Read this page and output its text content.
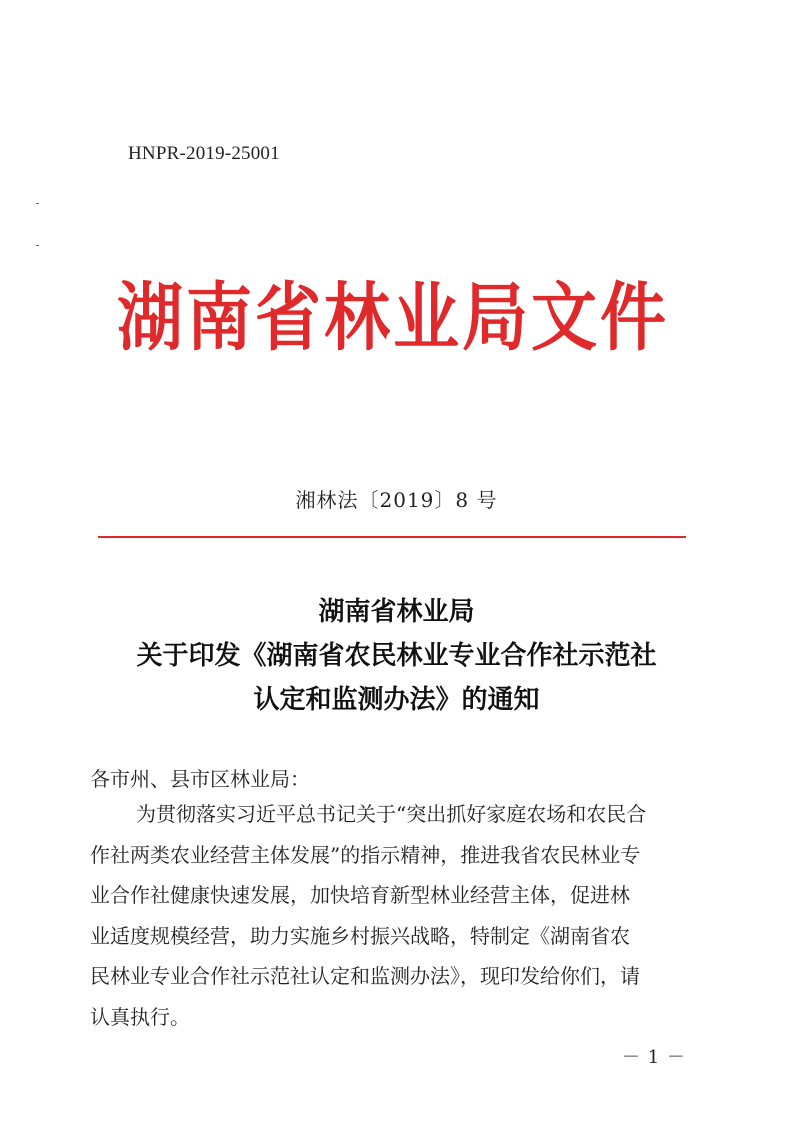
HNPR-2019-25001
湖南省林业局文件
湘林法〔2019〕8 号
湖南省林业局
关于印发《湖南省农民林业专业合作社示范社
认定和监测办法》的通知
各市州、县市区林业局：
为贯彻落实习近平总书记关于“突出抓好家庭农场和农民合
作社两类农业经营主体发展”的指示精神，推进我省农民林业专
业合作社健康快速发展，加快培育新型林业经营主体，促进林
业适度规模经营，助力实施乡村振兴战略，特制定《湖南省农
民林业专业合作社示范社认定和监测办法》，现印发给你们，请
认真执行。
－ 1 －
